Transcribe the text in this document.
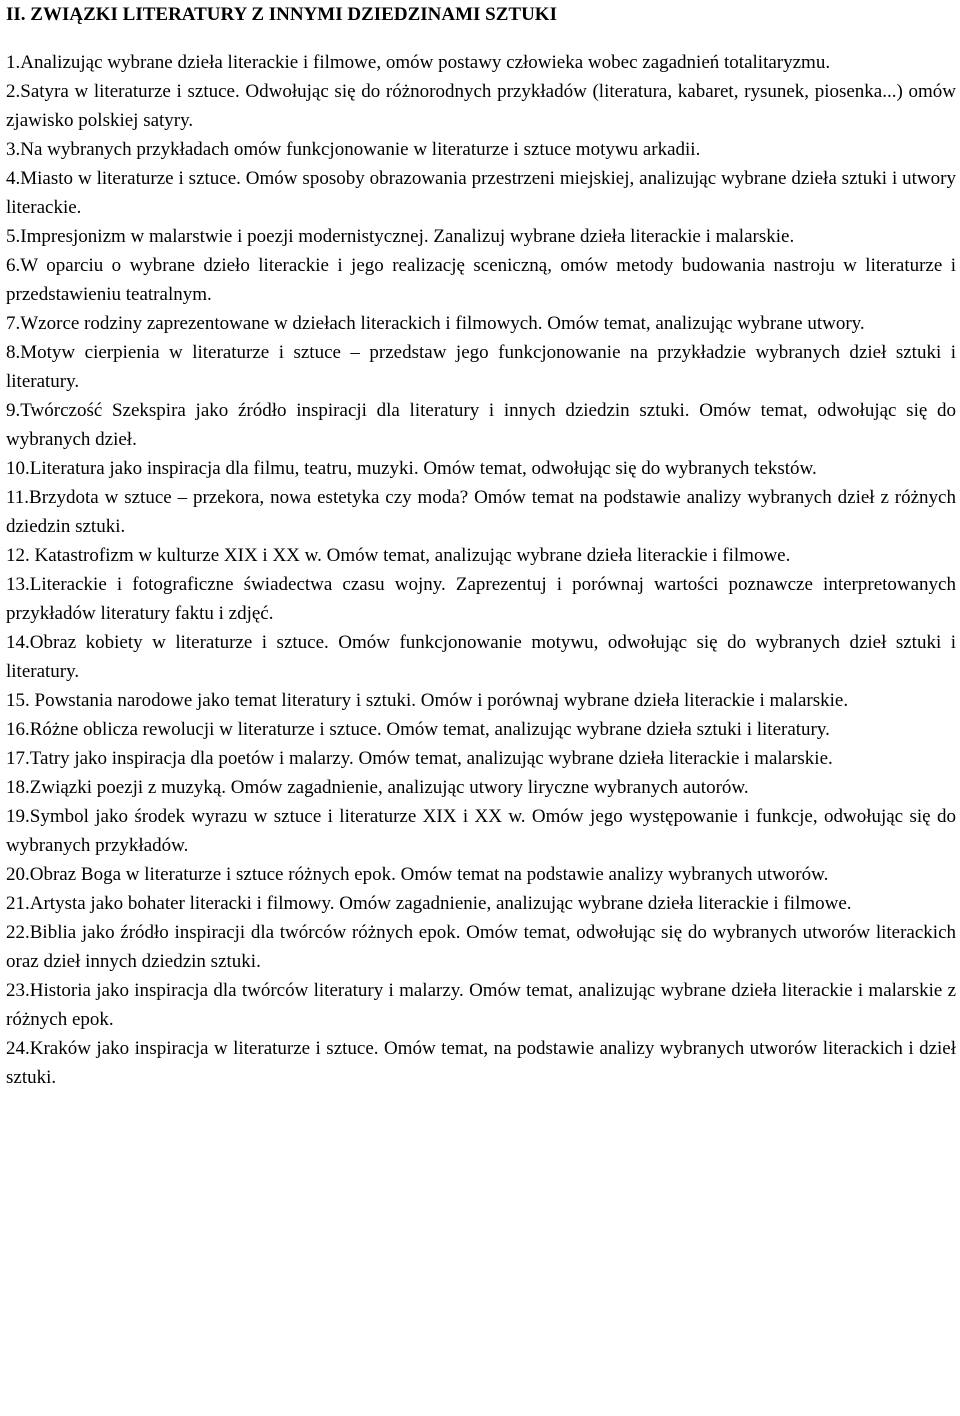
II. ZWIĄZKI LITERATURY Z INNYMI DZIEDZINAMI SZTUKI
1.Analizując wybrane dzieła literackie i filmowe, omów postawy człowieka wobec zagadnień totalitaryzmu.
2.Satyra w literaturze i sztuce. Odwołując się do różnorodnych przykładów (literatura, kabaret, rysunek, piosenka...) omów zjawisko polskiej satyry.
3.Na wybranych przykładach omów funkcjonowanie w literaturze i sztuce motywu arkadii.
4.Miasto w literaturze i sztuce. Omów sposoby obrazowania przestrzeni miejskiej, analizując wybrane dzieła sztuki i utwory literackie.
5.Impresjonizm w malarstwie i poezji modernistycznej. Zanalizuj wybrane dzieła literackie i malarskie.
6.W oparciu o wybrane dzieło literackie i jego realizację sceniczną, omów metody budowania nastroju w literaturze i przedstawieniu teatralnym.
7.Wzorce rodziny zaprezentowane w dziełach literackich i filmowych. Omów temat, analizując wybrane utwory.
8.Motyw cierpienia w literaturze i sztuce – przedstaw jego funkcjonowanie na przykładzie wybranych dzieł sztuki i literatury.
9.Twórczość Szekspira jako źródło inspiracji dla literatury i innych dziedzin sztuki. Omów temat, odwołując się do wybranych dzieł.
10.Literatura jako inspiracja dla filmu, teatru, muzyki. Omów temat, odwołując się do wybranych tekstów.
11.Brzydota w sztuce – przekora, nowa estetyka czy moda? Omów temat na podstawie analizy wybranych dzieł z różnych dziedzin sztuki.
12. Katastrofizm w kulturze XIX i XX w. Omów temat, analizując wybrane dzieła literackie i filmowe.
13.Literackie i fotograficzne świadectwa czasu wojny. Zaprezentuj i porównaj wartości poznawcze interpretowanych przykładów literatury faktu i zdjęć.
14.Obraz kobiety w literaturze i sztuce. Omów funkcjonowanie motywu, odwołując się do wybranych dzieł sztuki i literatury.
15. Powstania narodowe jako temat literatury i sztuki. Omów i porównaj wybrane dzieła literackie i malarskie.
16.Różne oblicza rewolucji w literaturze i sztuce. Omów temat, analizując wybrane dzieła sztuki i literatury.
17.Tatry jako inspiracja dla poetów i malarzy. Omów temat, analizując wybrane dzieła literackie i malarskie.
18.Związki poezji z muzyką. Omów zagadnienie, analizując utwory liryczne wybranych autorów.
19.Symbol jako środek wyrazu w sztuce i literaturze XIX i XX w. Omów jego występowanie i funkcje, odwołując się do wybranych przykładów.
20.Obraz Boga w literaturze i sztuce różnych epok. Omów temat na podstawie analizy wybranych utworów.
21.Artysta jako bohater literacki i filmowy. Omów zagadnienie, analizując wybrane dzieła literackie i filmowe.
22.Biblia jako źródło inspiracji dla twórców różnych epok. Omów temat, odwołując się do wybranych utworów literackich oraz dzieł innych dziedzin sztuki.
23.Historia jako inspiracja dla twórców literatury i malarzy. Omów temat, analizując wybrane dzieła literackie i malarskie z różnych epok.
24.Kraków jako inspiracja w literaturze i sztuce. Omów temat, na podstawie analizy wybranych utworów literackich i dzieł sztuki.
